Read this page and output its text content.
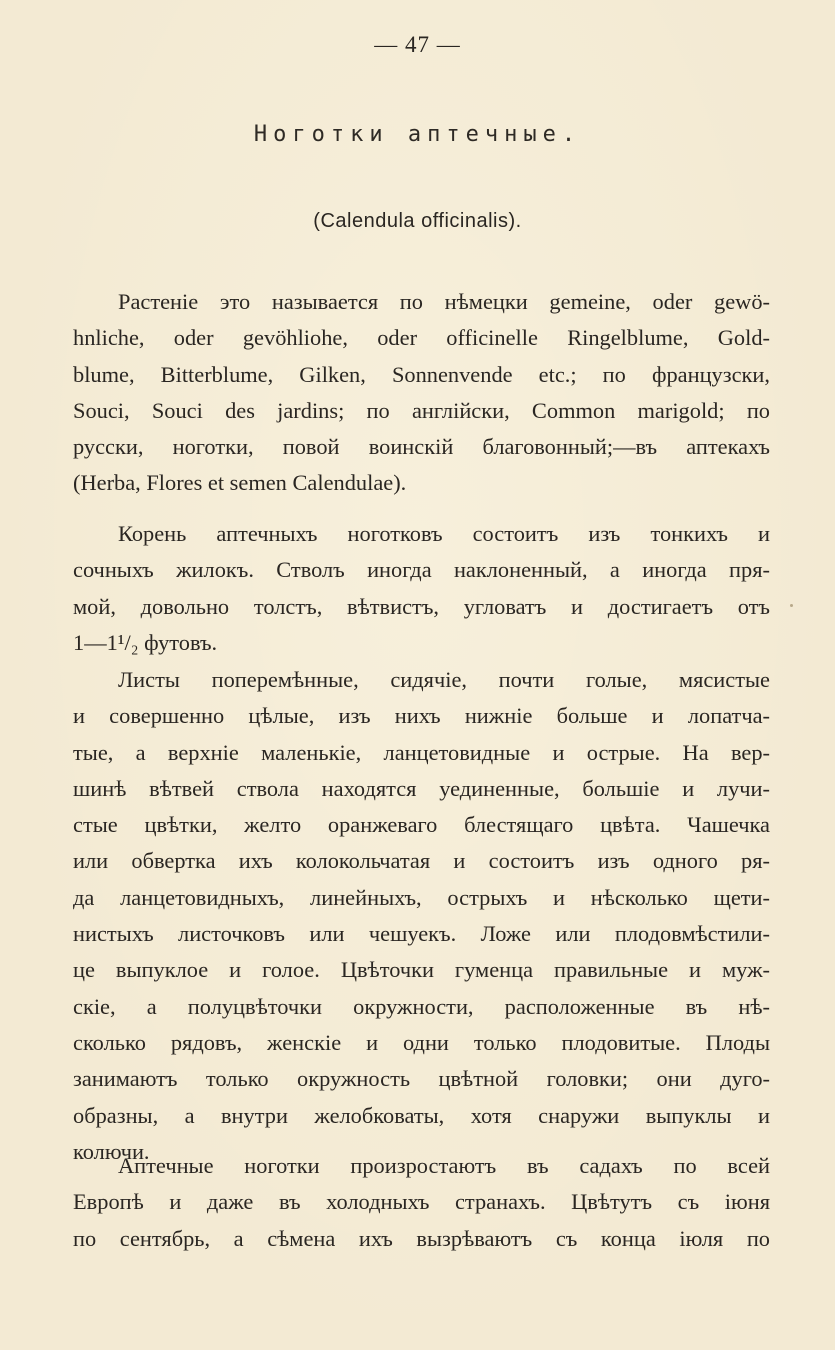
— 47 —
Ноготки аптечные.
(Calendula officinalis).
Растеніе это называется по нѣмецки gemeine, oder gewö-
hnliche, oder gevöhliohe, oder officinelle Ringelblume, Gold-
blume, Bitterblume, Gilken, Sonnenvende etc.; по французски,
Souci, Souci des jardins; по англійски, Common marigold; по
русски, ноготки, повой воинскій благовонный;—въ аптекахъ
(Herba, Flores et semen Calendulae).
Корень аптечныхъ ноготковъ состоитъ изъ тонкихъ и
сочныхъ жилокъ. Стволъ иногда наклоненный, а иногда пря-
мой, довольно толстъ, вѣтвистъ, угловатъ и достигаетъ отъ
1—1¹/₂ футовъ.
Листы поперемѣнные, сидячіе, почти голые, мясистые
и совершенно цѣлые, изъ нихъ нижніе больше и лопатча-
тые, а верхніе маленькіе, ланцетовидные и острые. На вер-
шинѣ вѣтвей ствола находятся уединенные, большіе и лучи-
стые цвѣтки, желто оранжеваго блестящаго цвѣта. Чашечка
или обвертка ихъ колокольчатая и состоитъ изъ одного ря-
да ланцетовидныхъ, линейныхъ, острыхъ и нѣсколько щети-
нистыхъ листочковъ или чешуекъ. Ложе или плодовмѣстили-
це выпуклое и голое. Цвѣточки гуменца правильные и муж-
скіе, а полуцвѣточки окружности, расположенные въ нѣ-
сколько рядовъ, женскіе и одни только плодовитые. Плоды
занимаютъ только окружность цвѣтной головки; они дуго-
образны, а внутри желобковаты, хотя снаружи выпуклы и
колючи.
Аптечные ноготки произростаютъ въ садахъ по всей
Европѣ и даже въ холодныхъ странахъ. Цвѣтутъ съ іюня
по сентябрь, а сѣмена ихъ вызрѣваютъ съ конца іюля по
